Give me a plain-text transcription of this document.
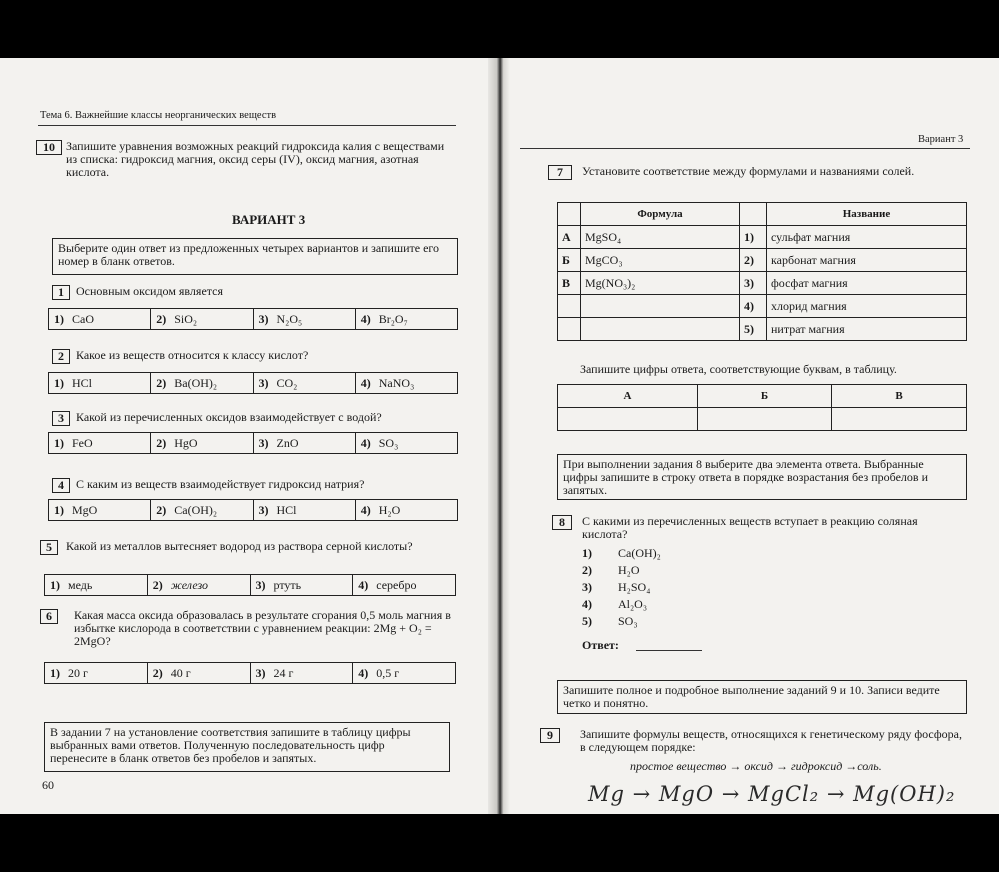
Тема 6. Важнейшие классы неорганических веществ
10 Запишите уравнения возможных реакций гидроксида калия с веществами из списка: гидроксид магния, оксид серы (IV), оксид магния, азотная кислота.
ВАРИАНТ 3
Выберите один ответ из предложенных четырех вариантов и запишите его номер в бланк ответов.
1	Основным оксидом является
1) CaO	2) SiO₂	3) N₂O₅	4) Br₂O₇
2	Какое из веществ относится к классу кислот?
1) HCl	2) Ba(OH)₂	3) CO₂	4) NaNO₃
3	Какой из перечисленных оксидов взаимодействует с водой?
1) FeO	2) HgO	3) ZnO	4) SO₃
4	С каким из веществ взаимодействует гидроксид натрия?
1) MgO	2) Ca(OH)₂	3) HCl	4) H₂O
5	Какой из металлов вытесняет водород из раствора серной кислоты?
1) медь	2) железо	3) ртуть	4) серебро
6	Какая масса оксида образовалась в результате сгорания 0,5 моль магния в избытке кислорода в соответствии с уравнением реакции: 2Mg + O₂ = 2MgO?
1) 20 г	2) 40 г	3) 24 г	4) 0,5 г
В задании 7 на установление соответствия запишите в таблицу цифры выбранных вами ответов. Полученную последовательность цифр перенесите в бланк ответов без пробелов и запятых.
60
Вариант 3
7	Установите соответствие между формулами и названиями солей.
	Формула		Название
А	MgSO₄	1)	сульфат магния
Б	MgCO₃	2)	карбонат магния
В	Mg(NO₃)₂	3)	фосфат магния
		4)	хлорид магния
		5)	нитрат магния
Запишите цифры ответа, соответствующие буквам, в таблицу.
А	Б	В

При выполнении задания 8 выберите два элемента ответа. Выбранные цифры запишите в строку ответа в порядке возрастания без пробелов и запятых.
8	С какими из перечисленных веществ вступает в реакцию соляная кислота?
1) Ca(OH)₂
2) H₂O
3) H₂SO₄
4) Al₂O₃
5) SO₃
Ответ:
Запишите полное и подробное выполнение заданий 9 и 10. Записи ведите четко и понятно.
9	Запишите формулы веществ, относящихся к генетическому ряду фосфора, в следующем порядке:
простое вещество → оксид → гидроксид →соль.
Mg → MgO → MgCl₂ → Mg(OH)₂
